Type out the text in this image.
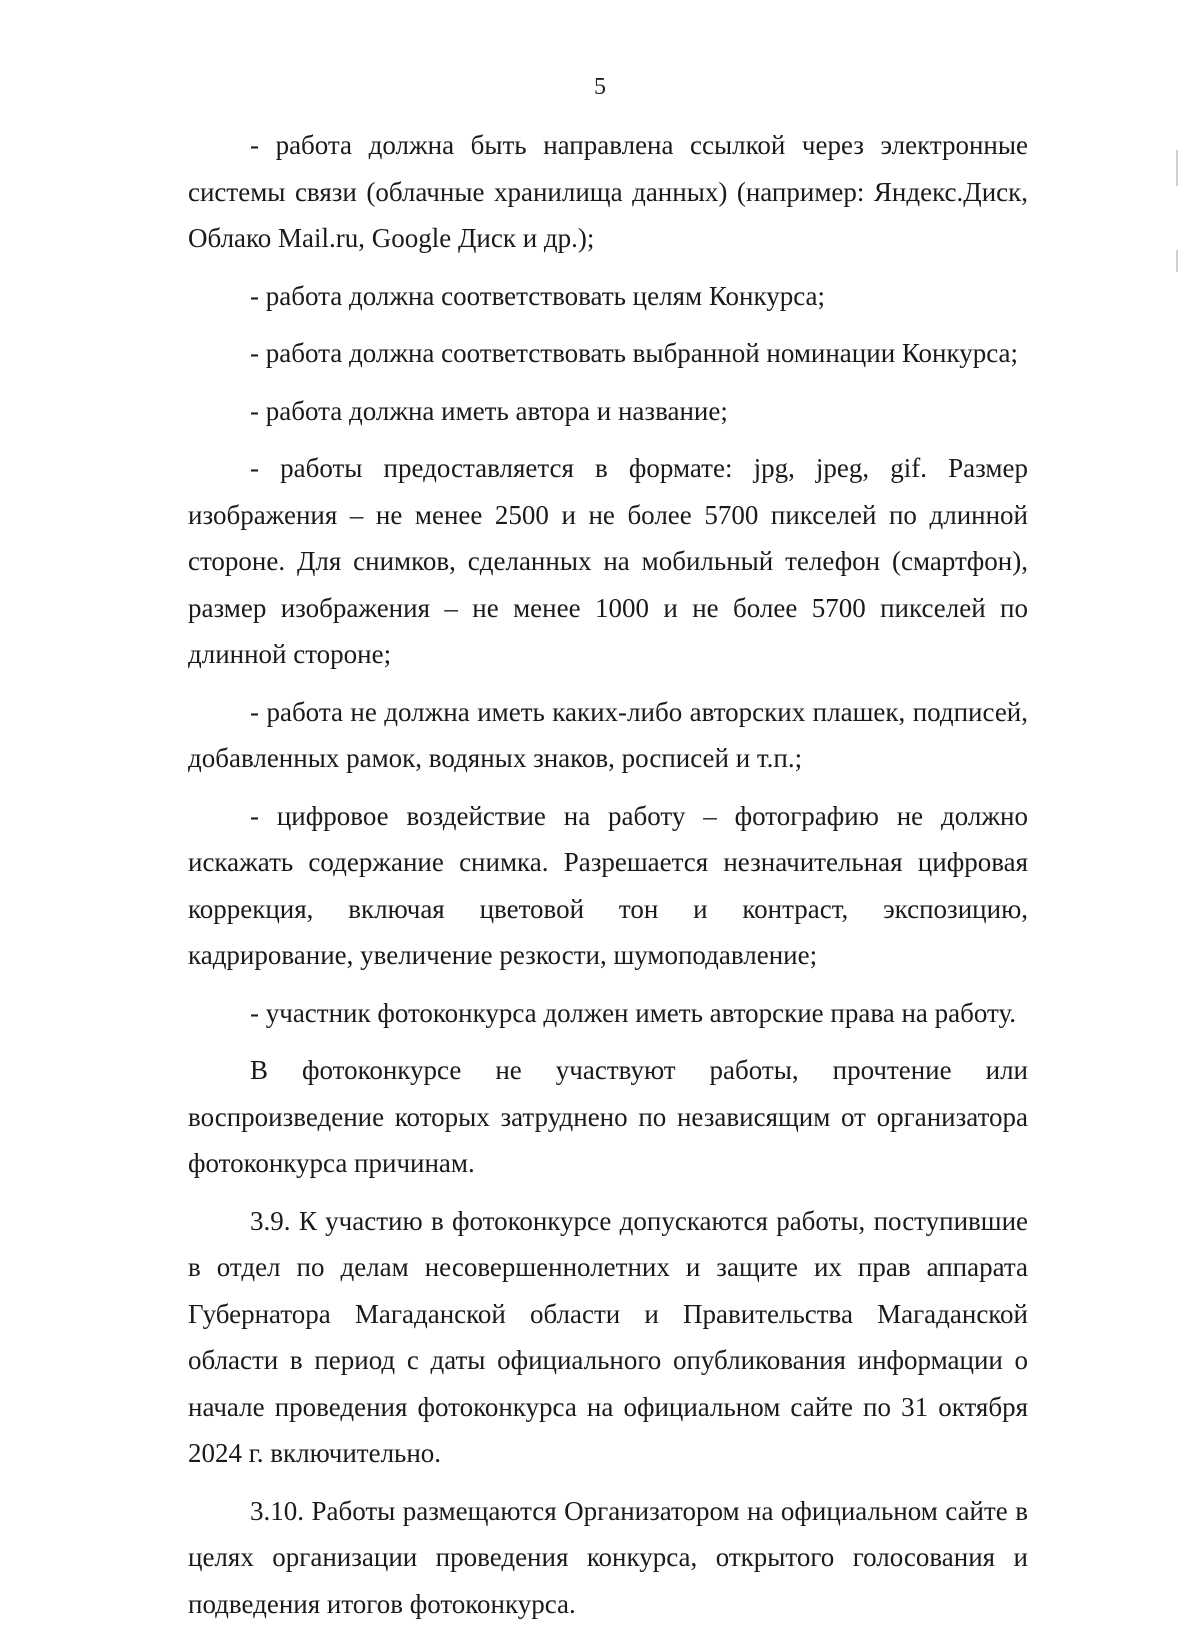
5

- работа должна быть направлена ссылкой через электронные системы связи (облачные хранилища данных) (например: Яндекс.Диск, Облако Mail.ru, Google Диск и др.);

- работа должна соответствовать целям Конкурса;

- работа должна соответствовать выбранной номинации Конкурса;

- работа должна иметь автора и название;

- работы предоставляется в формате: jpg, jpeg, gif. Размер изображения – не менее 2500 и не более 5700 пикселей по длинной стороне. Для снимков, сделанных на мобильный телефон (смартфон), размер изображения – не менее 1000 и не более 5700 пикселей по длинной стороне;

- работа не должна иметь каких-либо авторских плашек, подписей, добавленных рамок, водяных знаков, росписей и т.п.;

- цифровое воздействие на работу – фотографию не должно искажать содержание снимка. Разрешается незначительная цифровая коррекция, включая цветовой тон и контраст, экспозицию, кадрирование, увеличение резкости, шумоподавление;

- участник фотоконкурса должен иметь авторские права на работу.

В фотоконкурсе не участвуют работы, прочтение или воспроизведение которых затруднено по независящим от организатора фотоконкурса причинам.

3.9. К участию в фотоконкурсе допускаются работы, поступившие в отдел по делам несовершеннолетних и защите их прав аппарата Губернатора Магаданской области и Правительства Магаданской области в период с даты официального опубликования информации о начале проведения фотоконкурса на официальном сайте по 31 октября 2024 г. включительно.

3.10. Работы размещаются Организатором на официальном сайте в целях организации проведения конкурса, открытого голосования и подведения итогов фотоконкурса.
